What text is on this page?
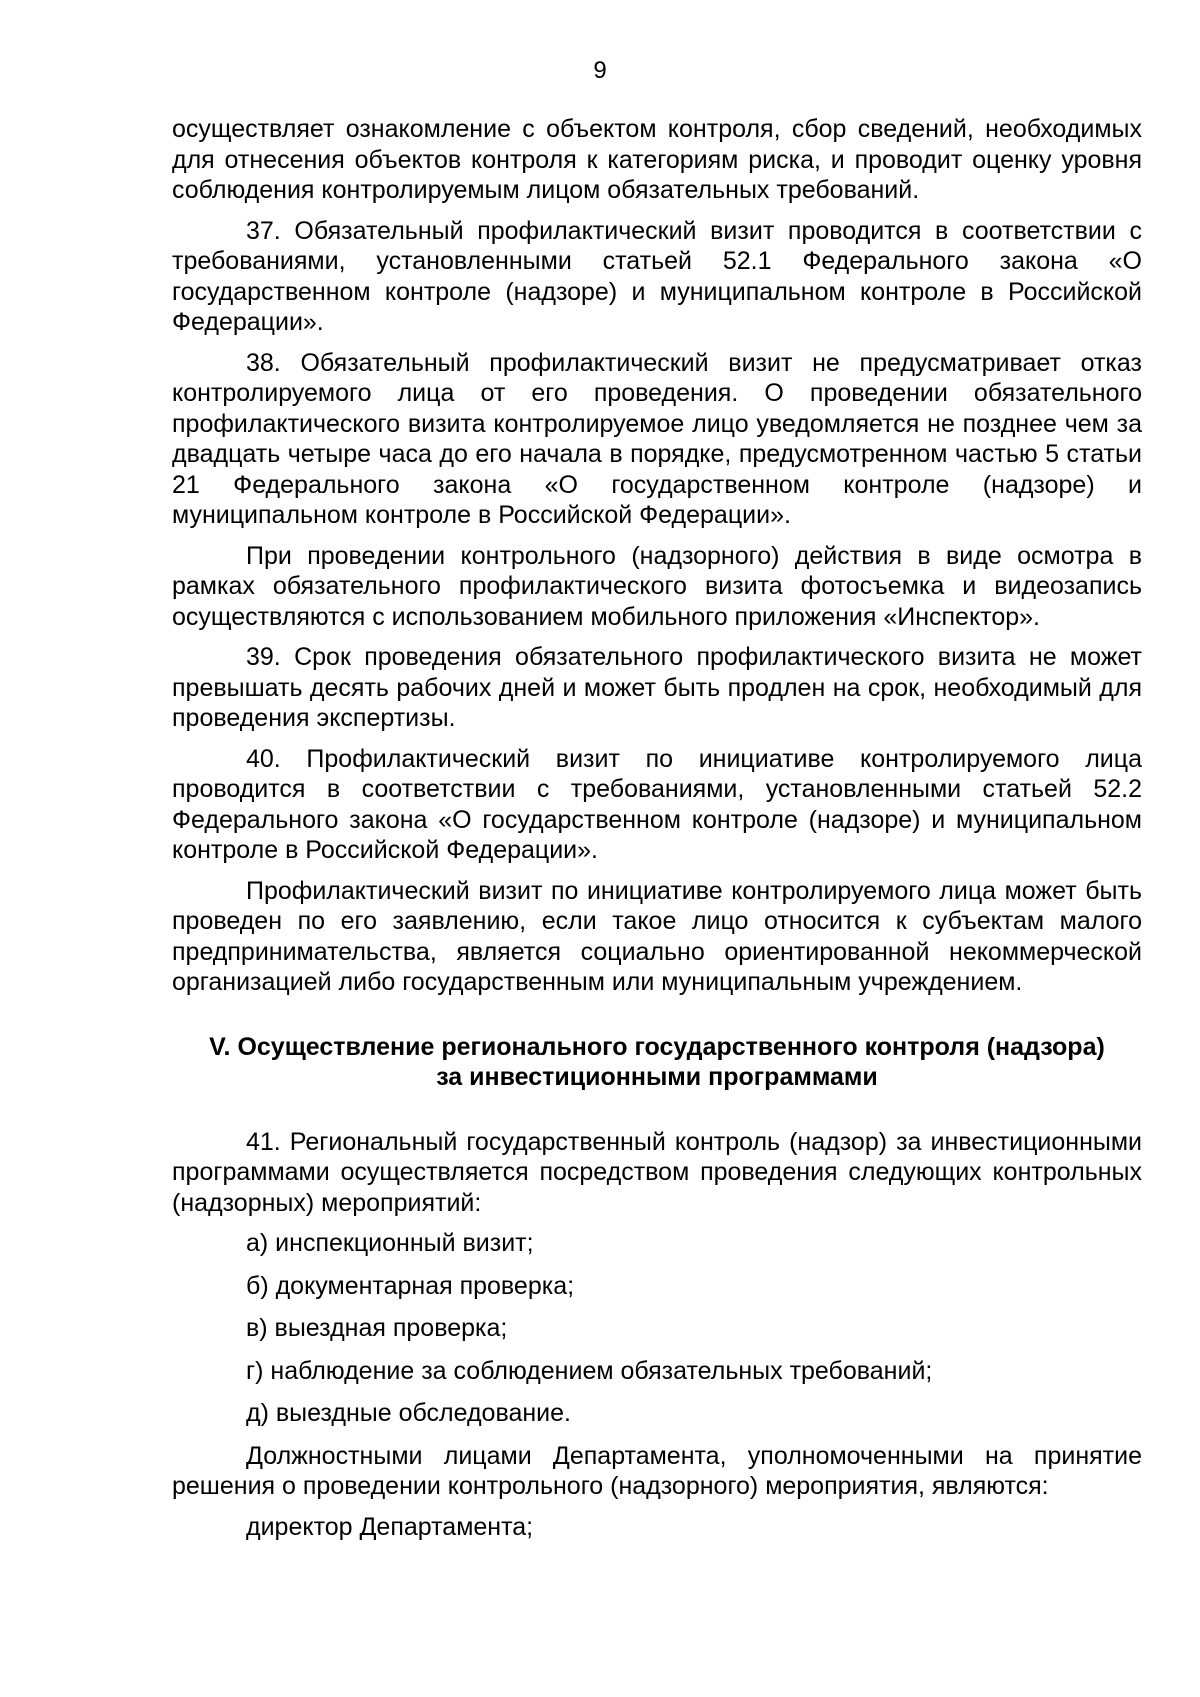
9

осуществляет ознакомление с объектом контроля, сбор сведений, необходимых для отнесения объектов контроля к категориям риска, и проводит оценку уровня соблюдения контролируемым лицом обязательных требований.

37. Обязательный профилактический визит проводится в соответствии с требованиями, установленными статьей 52.1 Федерального закона «О государственном контроле (надзоре) и муниципальном контроле в Российской Федерации».

38. Обязательный профилактический визит не предусматривает отказ контролируемого лица от его проведения. О проведении обязательного профилактического визита контролируемое лицо уведомляется не позднее чем за двадцать четыре часа до его начала в порядке, предусмотренном частью 5 статьи 21 Федерального закона «О государственном контроле (надзоре) и муниципальном контроле в Российской Федерации».

При проведении контрольного (надзорного) действия в виде осмотра в рамках обязательного профилактического визита фотосъемка и видеозапись осуществляются с использованием мобильного приложения «Инспектор».

39. Срок проведения обязательного профилактического визита не может превышать десять рабочих дней и может быть продлен на срок, необходимый для проведения экспертизы.

40. Профилактический визит по инициативе контролируемого лица проводится в соответствии с требованиями, установленными статьей 52.2 Федерального закона «О государственном контроле (надзоре) и муниципальном контроле в Российской Федерации».

Профилактический визит по инициативе контролируемого лица может быть проведен по его заявлению, если такое лицо относится к субъектам малого предпринимательства, является социально ориентированной некоммерческой организацией либо государственным или муниципальным учреждением.

V. Осуществление регионального государственного контроля (надзора)
за инвестиционными программами

41. Региональный государственный контроль (надзор) за инвестиционными программами осуществляется посредством проведения следующих контрольных (надзорных) мероприятий:

а) инспекционный визит;
б) документарная проверка;
в) выездная проверка;
г) наблюдение за соблюдением обязательных требований;
д) выездные обследование.

Должностными лицами Департамента, уполномоченными на принятие решения о проведении контрольного (надзорного) мероприятия, являются:

директор Департамента;
